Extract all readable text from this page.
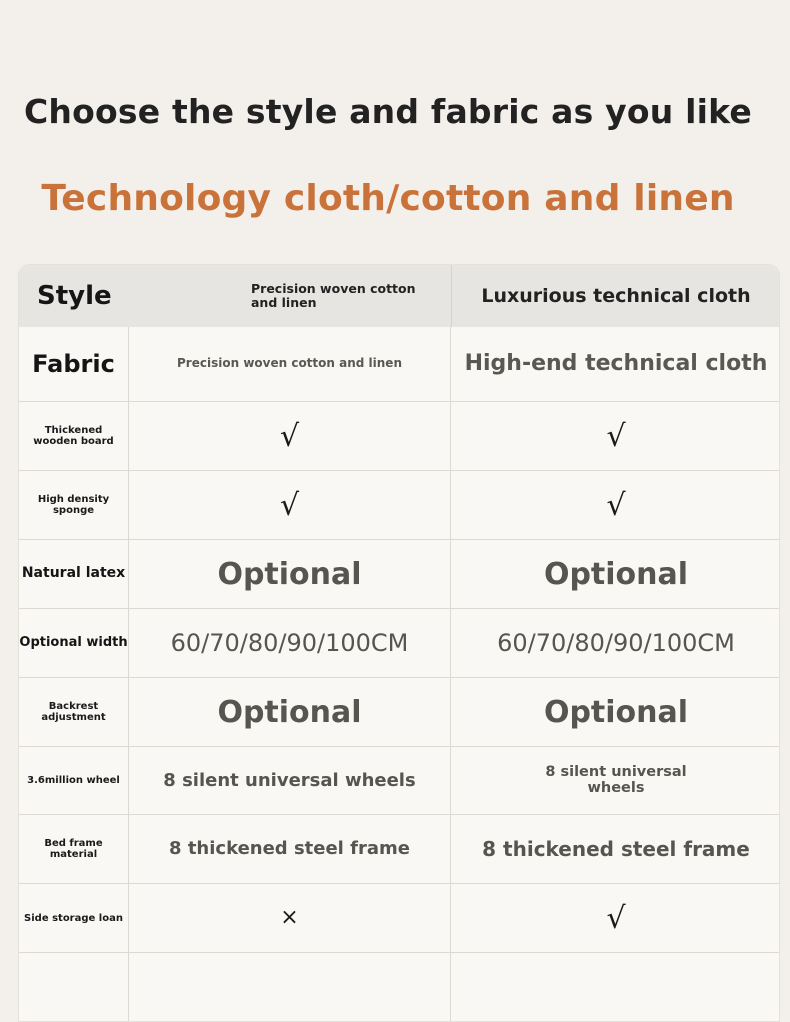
Choose the style and fabric as you like
Technology cloth/cotton and linen
Style	Precision woven cotton and linen	Luxurious technical cloth
Fabric	Precision woven cotton and linen	High-end technical cloth
Thickened wooden board	√	√
High density sponge	√	√
Natural latex	Optional	Optional
Optional width	60/70/80/90/100CM	60/70/80/90/100CM
Backrest adjustment	Optional	Optional
3.6million wheel	8 silent universal wheels	8 silent universal wheels
Bed frame material	8 thickened steel frame	8 thickened steel frame
Side storage loan	×	√
